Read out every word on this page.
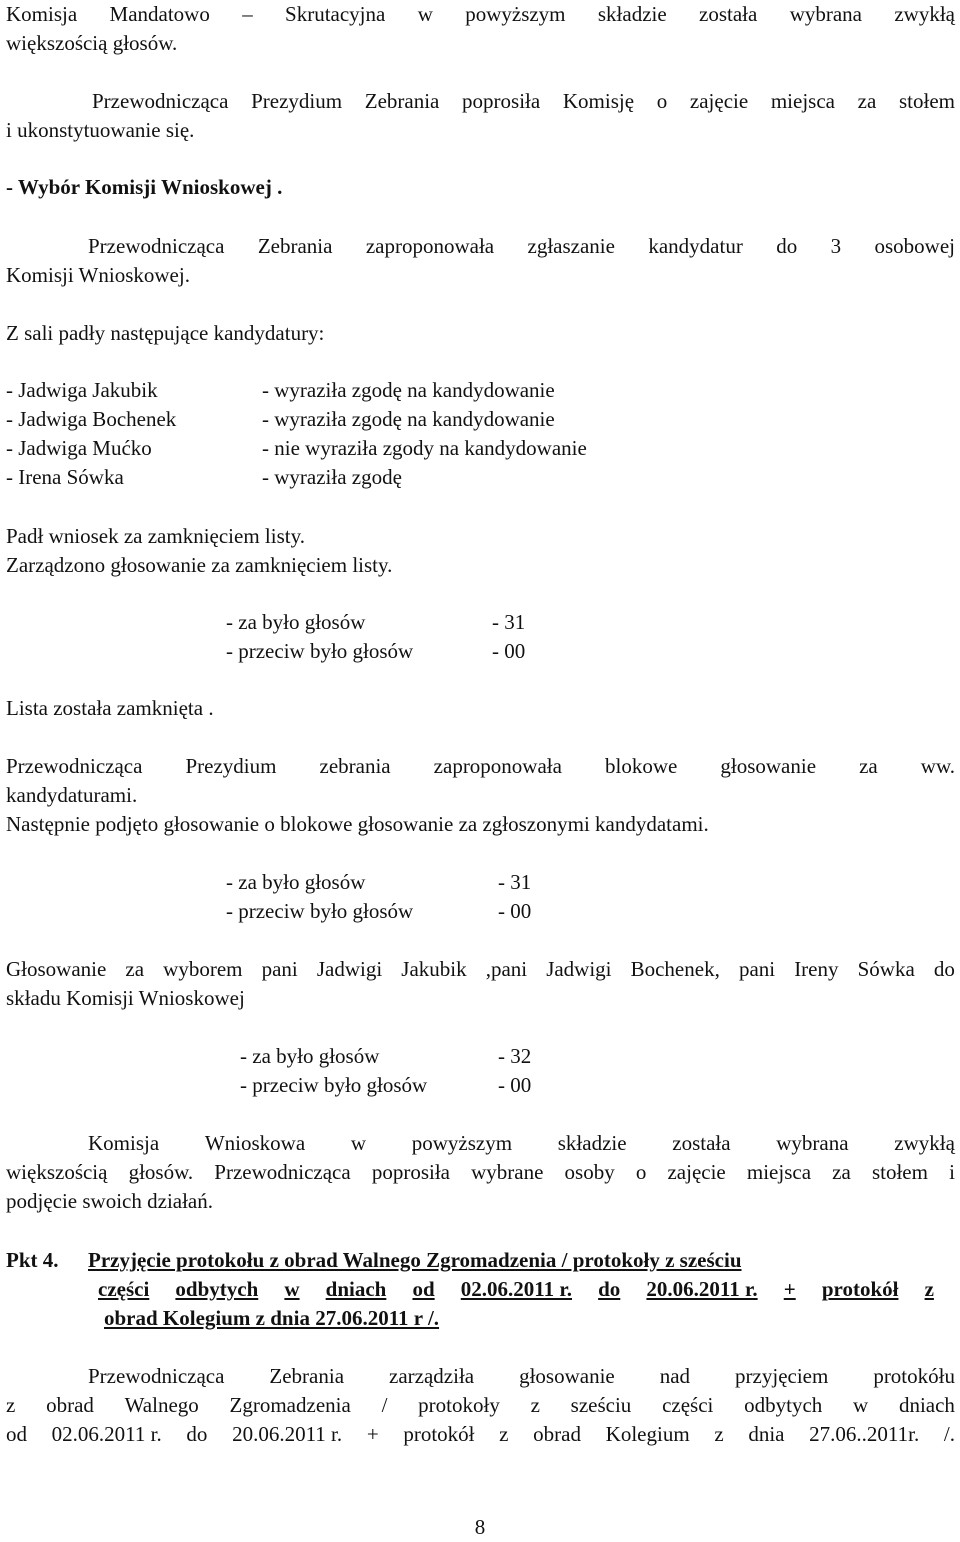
Komisja Mandatowo – Skrutacyjna w powyższym składzie została wybrana zwykłą

większością głosów.

Przewodnicząca Prezydium Zebrania poprosiła Komisję o zajęcie miejsca za stołem

i ukonstytuowanie się.

- Wybór Komisji Wnioskowej .

Przewodnicząca Zebrania zaproponowała zgłaszanie kandydatur do 3 osobowej

Komisji Wnioskowej.

Z sali padły następujące kandydatury:

- Jadwiga Jakubik	- wyraziła zgodę na kandydowanie
- Jadwiga Bochenek	- wyraziła zgodę na kandydowanie
- Jadwiga Mućko	- nie wyraziła zgody na kandydowanie
- Irena Sówka	- wyraziła zgodę

Padł wniosek za zamknięciem listy.

Zarządzono głosowanie za zamknięciem listy.

- za było głosów	- 31
- przeciw było głosów	- 00

Lista została zamknięta .

Przewodnicząca Prezydium zebrania zaproponowała blokowe głosowanie za ww.

kandydaturami.

Następnie podjęto głosowanie o blokowe głosowanie za zgłoszonymi kandydatami.

- za było głosów	- 31
- przeciw było głosów	- 00
Głosowanie za wyborem pani Jadwigi Jakubik ,pani Jadwigi Bochenek, pani Ireny Sówka do

składu Komisji Wnioskowej

- za było głosów	- 32
- przeciw było głosów	- 00
Komisja Wnioskowa w powyższym składzie została wybrana zwykłą
większością głosów. Przewodnicząca poprosiła wybrane osoby o zajęcie miejsca za stołem i

podjęcie swoich działań.

Pkt 4. Przyjęcie protokołu z obrad Walnego Zgromadzenia / protokoły z sześciu

części odbytych w dniach od 02.06.2011 r. do 20.06.2011 r. + protokół z

obrad Kolegium z dnia 27.06.2011 r /.

Przewodnicząca Zebrania zarządziła głosowanie nad przyjęciem protokółu
z obrad Walnego Zgromadzenia / protokoły z sześciu części odbytych w dniach
od 02.06.2011 r. do 20.06.2011 r. + protokół z obrad Kolegium z dnia 27.06..2011r. /.
8
